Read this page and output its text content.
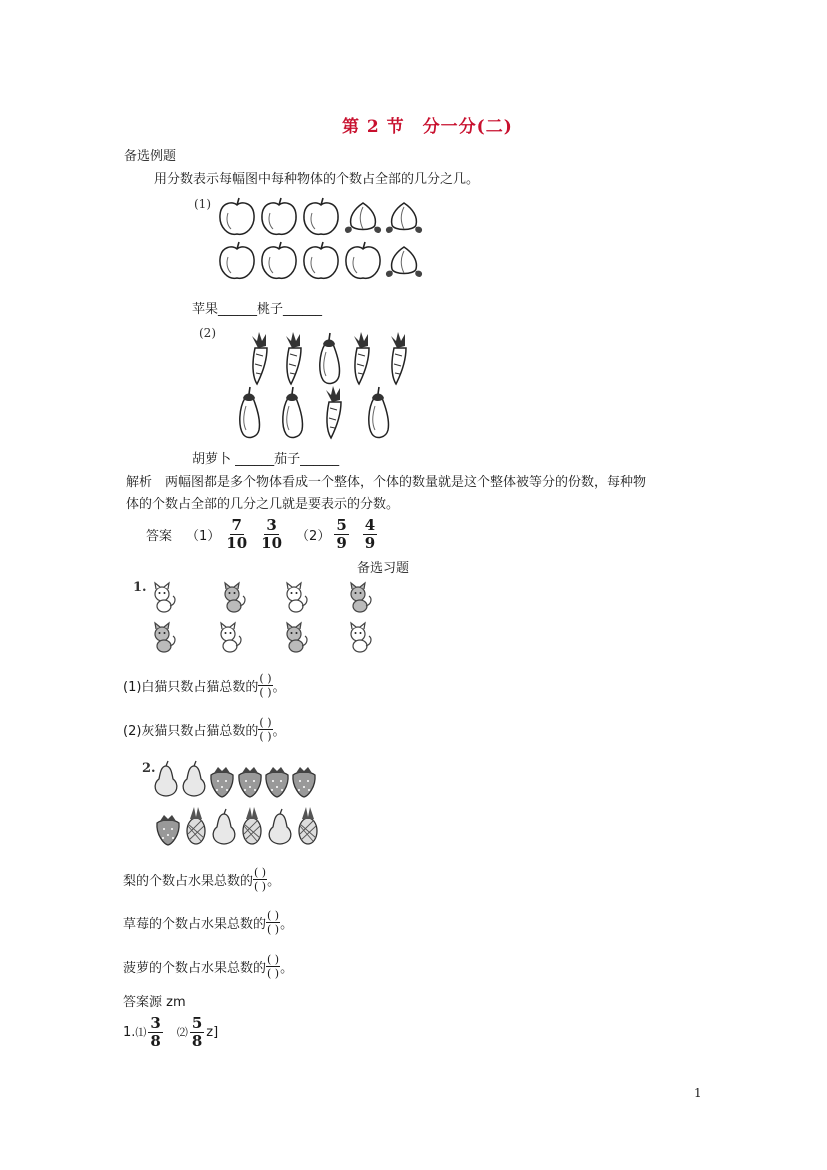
第 2 节　分一分(二)
备选例题
用分数表示每幅图中每种物体的个数占全部的几分之几。
(1)
苹果______桃子______
(2)
胡萝卜 ______茄子______
解析　两幅图都是多个物体看成一个整体，个体的数量就是这个整体被等分的份数，每种物
体的个数占全部的几分之几就是要表示的分数。
答案 $(1) \frac{7}{10} \frac{3}{10} (2) \frac{5}{9} \frac{4}{9}$
备选习题
1.
(1)白猫只数占猫总数的 $\frac{( )}{( )}$ 。
(2)灰猫只数占猫总数的 $\frac{( )}{( )}$ 。
2.
梨的个数占水果总数的 $\frac{( )}{( )}$ 。
草莓的个数占水果总数的 $\frac{( )}{( )}$ 。
菠萝的个数占水果总数的 $\frac{( )}{( )}$ 。
答案源 zm
1. ⑴ $\frac{3}{8}$ ⑵ $\frac{5}{8} z$]
1
